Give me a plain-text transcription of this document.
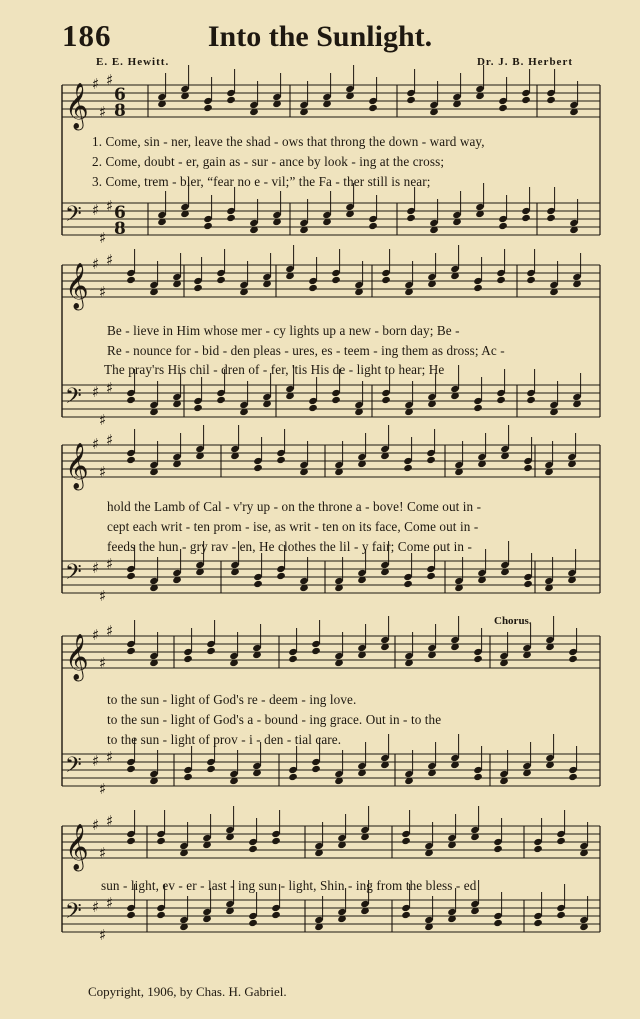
𝄞 ♯
♯
♯
𝄢 ♯
♯
♯
6
8
6
8
𝄞 ♯
♯
♯
𝄢 ♯
♯
♯
𝄞 ♯
♯
♯
𝄢 ♯
♯
♯
𝄞 ♯
♯
♯
𝄢 ♯
♯
♯
𝄞 ♯
♯
♯
𝄢 ♯
♯
♯
186	Into the Sunlight.
E. E. Hewitt.	Dr. J. B. Herbert
1. Come, sin - ner, leave the shad - ows that throng the down - ward way,
2. Come, doubt - er, gain as - sur - ance by look - ing at the cross;
3. Come, trem - bler, “fear no e - vil;” the Fa - ther still is near;
Be - lieve in Him whose mer - cy lights up a new - born day; Be -
Re - nounce for - bid - den pleas - ures, es - teem - ing them as dross; Ac -
The pray'rs His chil - dren of - fer, 'tis His de - light to hear; He
hold the Lamb of Cal - v'ry up - on the throne a - bove! Come out in -
cept each writ - ten prom - ise, as writ - ten on its face, Come out in -
feeds the hun - gry rav - en, He clothes the lil - y fair; Come out in -
Chorus.
to the sun - light of God's re - deem - ing love.
to the sun - light of God's a - bound - ing grace. Out in - to the
to the sun - light of prov - i - den - tial care.
sun - light, ev - er - last - ing sun - light, Shin - ing from the bless - ed
Copyright, 1906, by Chas. H. Gabriel.
